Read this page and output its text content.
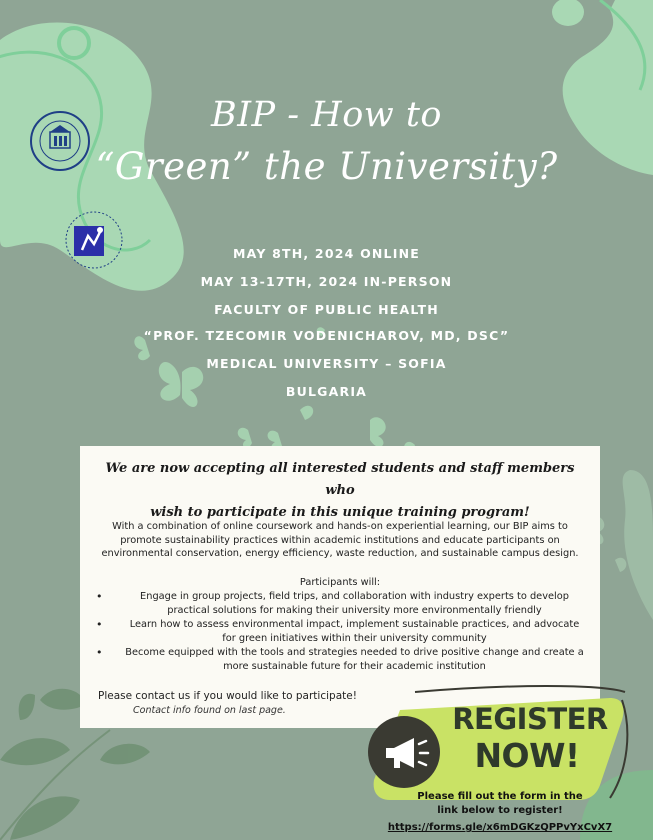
BIP - How to
“Green” the University?
MAY 8TH, 2024 ONLINE
MAY 13-17TH, 2024 IN-PERSON
FACULTY OF PUBLIC HEALTH
“PROF. TZECOMIR VODENICHAROV, MD, DSC”
MEDICAL UNIVERSITY – SOFIA
BULGARIA
We are now accepting all interested students and staff members who
wish to participate in this unique training program!
With a combination of online coursework and hands-on experiential learning, our BIP aims to
promote sustainability practices within academic institutions and educate participants on
environmental conservation, energy efficiency, waste reduction, and sustainable campus design.
Participants will:
• Engage in group projects, field trips, and collaboration with industry experts to develop
practical solutions for making their university more environmentally friendly
• Learn how to assess environmental impact, implement sustainable practices, and advocate
for green initiatives within their university community
• Become equipped with the tools and strategies needed to drive positive change and create a
more sustainable future for their academic institution
Please contact us if you would like to participate!
Contact info found on last page.	REGISTER
NOW!
Please fill out the form in the
link below to register!
https://forms.gle/x6mDGKzQPPvYxCvX7
